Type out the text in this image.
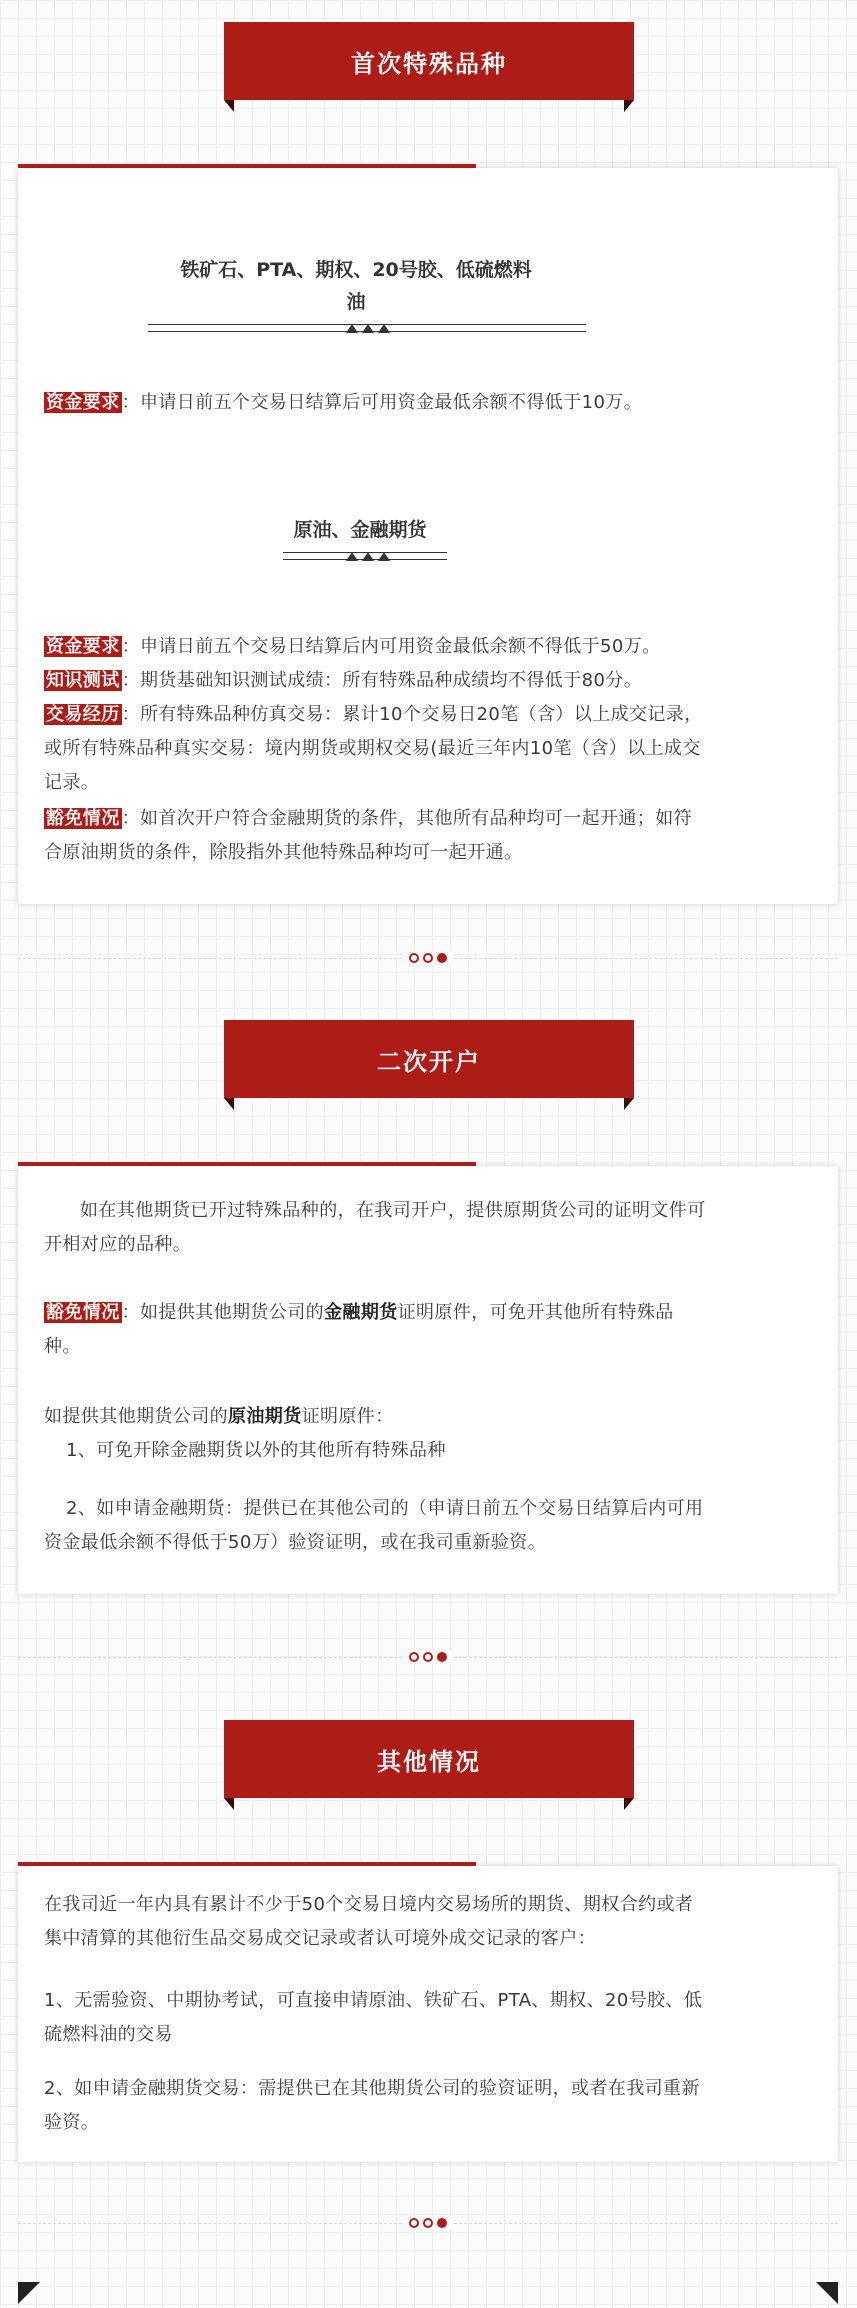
首次特殊品种
铁矿石、PTA、期权、20号胶、低硫燃料
油

资金要求 ：申请日前五个交易日结算后可用资金最低余额不得低于10万。

原油、金融期货

资金要求 ：申请日前五个交易日结算后内可用资金最低余额不得低于50万。

知识测试 ：期货基础知识测试成绩：所有特殊品种成绩均不得低于80分。

交易经历 ：所有特殊品种仿真交易：累计10个交易日20笔（含）以上成交记录，
或所有特殊品种真实交易：境内期货或期权交易(最近三年内10笔（含）以上成交
记录。

豁免情况 ：如首次开户符合金融期货的条件，其他所有品种均可一起开通；如符
合原油期货的条件，除股指外其他特殊品种均可一起开通。

二次开户

如在其他期货已开过特殊品种的，在我司开户，提供原期货公司的证明文件可
开相对应的品种。

豁免情况 ：如提供其他期货公司的金融期货证明原件，可免开其他所有特殊品
种。

如提供其他期货公司的原油期货证明原件：
1、可免开除金融期货以外的其他所有特殊品种

2、如申请金融期货：提供已在其他公司的（申请日前五个交易日结算后内可用
资金最低余额不得低于50万）验资证明，或在我司重新验资。

其他情况

在我司近一年内具有累计不少于50个交易日境内交易场所的期货、期权合约或者
集中清算的其他衍生品交易成交记录或者认可境外成交记录的客户：

1、无需验资、中期协考试，可直接申请原油、铁矿石、PTA、期权、20号胶、低
硫燃料油的交易

2、如申请金融期货交易：需提供已在其他期货公司的验资证明，或者在我司重新
验资。
